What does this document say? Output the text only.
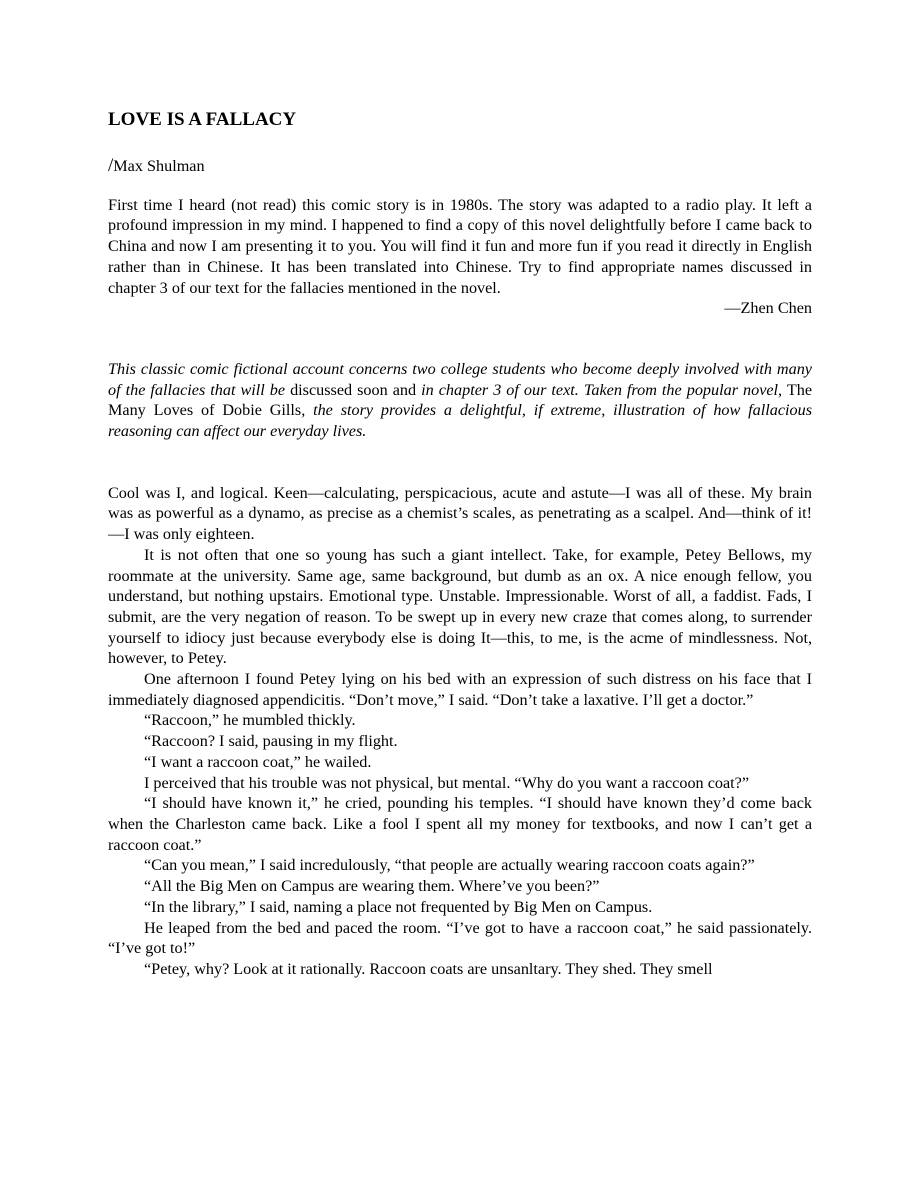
LOVE IS A FALLACY
/Max Shulman

First time I heard (not read) this comic story is in 1980s. The story was adapted to a radio play. It left a profound impression in my mind. I happened to find a copy of this novel delightfully before I came back to China and now I am presenting it to you. You will find it fun and more fun if you read it directly in English rather than in Chinese. It has been translated into Chinese. Try to find appropriate names discussed in chapter 3 of our text for the fallacies mentioned in the novel.

—Zhen Chen

This classic comic fictional account concerns two college students who become deeply involved with many of the fallacies that will be discussed soon and in chapter 3 of our text. Taken from the popular novel, The Many Loves of Dobie Gills, the story provides a delightful, if extreme, illustration of how fallacious reasoning can affect our everyday lives.

Cool was I, and logical. Keen—calculating, perspicacious, acute and astute—I was all of these. My brain was as powerful as a dynamo, as precise as a chemist’s scales, as penetrating as a scalpel. And—think of it!—I was only eighteen.

It is not often that one so young has such a giant intellect. Take, for example, Petey Bellows, my roommate at the university. Same age, same background, but dumb as an ox. A nice enough fellow, you understand, but nothing upstairs. Emotional type. Unstable. Impressionable. Worst of all, a faddist. Fads, I submit, are the very negation of reason. To be swept up in every new craze that comes along, to surrender yourself to idiocy just because everybody else is doing It—this, to me, is the acme of mindlessness. Not, however, to Petey.

One afternoon I found Petey lying on his bed with an expression of such distress on his face that I immediately diagnosed appendicitis. “Don’t move,” I said. “Don’t take a laxative. I’ll get a doctor.”

“Raccoon,” he mumbled thickly.

“Raccoon? I said, pausing in my flight.

“I want a raccoon coat,” he wailed.

I perceived that his trouble was not physical, but mental. “Why do you want a raccoon coat?”

“I should have known it,” he cried, pounding his temples. “I should have known they’d come back when the Charleston came back. Like a fool I spent all my money for textbooks, and now I can’t get a raccoon coat.”

“Can you mean,” I said incredulously, “that people are actually wearing raccoon coats again?”

“All the Big Men on Campus are wearing them. Where’ve you been?”

“In the library,” I said, naming a place not frequented by Big Men on Campus.

He leaped from the bed and paced the room. “I’ve got to have a raccoon coat,” he said passionately. “I’ve got to!”

“Petey, why? Look at it rationally. Raccoon coats are unsanltary. They shed. They smell
